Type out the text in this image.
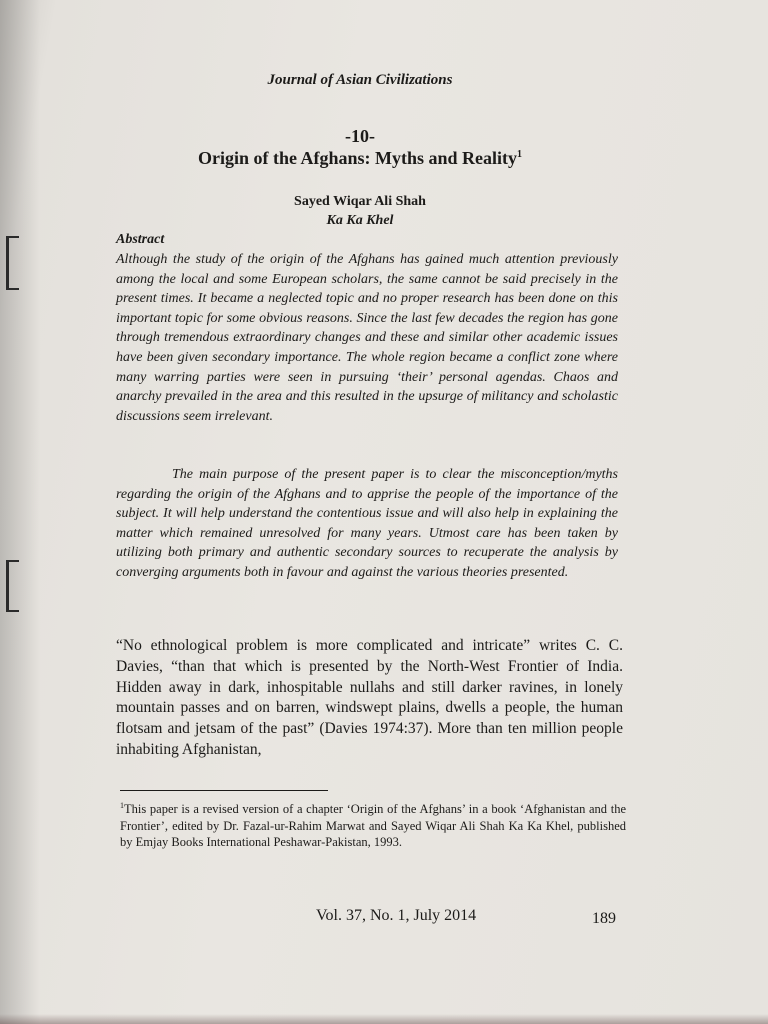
Journal of Asian Civilizations
-10-
Origin of the Afghans: Myths and Reality$^1$
Sayed Wiqar Ali Shah
Ka Ka Khel
Abstract

Although the study of the origin of the Afghans has gained much attention previously among the local and some European scholars, the same cannot be said precisely in the present times. It became a neglected topic and no proper research has been done on this important topic for some obvious reasons. Since the last few decades the region has gone through tremendous extraordinary changes and these and similar other academic issues have been given secondary importance. The whole region became a conflict zone where many warring parties were seen in pursuing ‘their’ personal agendas. Chaos and anarchy prevailed in the area and this resulted in the upsurge of militancy and scholastic discussions seem irrelevant.

The main purpose of the present paper is to clear the misconception/myths regarding the origin of the Afghans and to apprise the people of the importance of the subject. It will help understand the contentious issue and will also help in explaining the matter which remained unresolved for many years. Utmost care has been taken by utilizing both primary and authentic secondary sources to recuperate the analysis by converging arguments both in favour and against the various theories presented.

“No ethnological problem is more complicated and intricate” writes C. C. Davies, “than that which is presented by the North-West Frontier of India. Hidden away in dark, inhospitable nullahs and still darker ravines, in lonely mountain passes and on barren, windswept plains, dwells a people, the human flotsam and jetsam of the past” (Davies 1974:37). More than ten million people inhabiting Afghanistan,

$^1$This paper is a revised version of a chapter ‘Origin of the Afghans’ in a book ‘Afghanistan and the Frontier’, edited by Dr. Fazal-ur-Rahim Marwat and Sayed Wiqar Ali Shah Ka Ka Khel, published by Emjay Books International Peshawar-Pakistan, 1993.

Vol. 37, No. 1, July 2014	189
